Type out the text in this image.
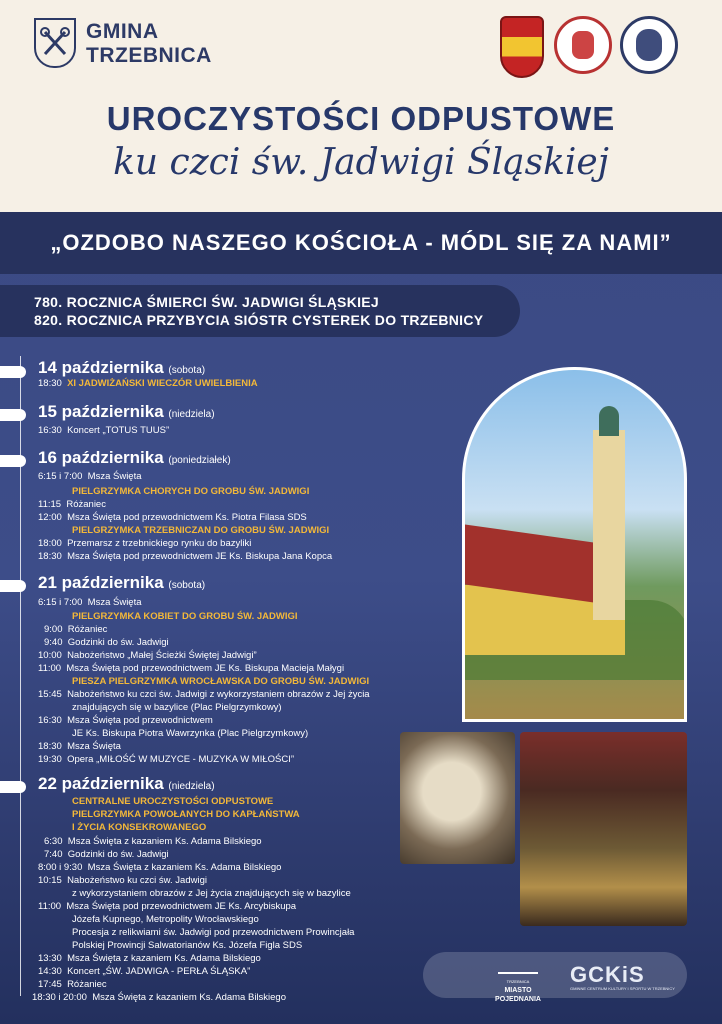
GMINA
TRZEBNICA
UROCZYSTOŚCI ODPUSTOWE
ku czci św. Jadwigi Śląskiej
„OZDOBO NASZEGO KOŚCIOŁA - MÓDL SIĘ ZA NAMI”
780. ROCZNICA ŚMIERCI ŚW. JADWIGI ŚLĄSKIEJ
820. ROCZNICA PRZYBYCIA SIÓSTR CYSTEREK DO TRZEBNICY
14 października (sobota)
18:30 XI JADWIŻAŃSKI WIECZÓR UWIELBIENIA
15 października (niedziela)
16:30 Koncert „TOTUS TUUS”
16 października (poniedziałek)
6:15 i 7:00 Msza Święta
PIELGRZYMKA CHORYCH DO GROBU ŚW. JADWIGI
11:15 Różaniec
12:00 Msza Święta pod przewodnictwem Ks. Piotra Filasa SDS
PIELGRZYMKA TRZEBNICZAN DO GROBU ŚW. JADWIGI
18:00 Przemarsz z trzebnickiego rynku do bazyliki
18:30 Msza Święta pod przewodnictwem JE Ks. Biskupa Jana Kopca
21 października (sobota)
6:15 i 7:00 Msza Święta
PIELGRZYMKA KOBIET DO GROBU ŚW. JADWIGI
9:00 Różaniec
9:40 Godzinki do św. Jadwigi
10:00 Nabożeństwo „Małej Ścieżki Świętej Jadwigi”
11:00 Msza Święta pod przewodnictwem JE Ks. Biskupa Macieja Małygi
PIESZA PIELGRZYMKA WROCŁAWSKA DO GROBU ŚW. JADWIGI
15:45 Nabożeństwo ku czci św. Jadwigi z wykorzystaniem obrazów z Jej życia
znajdujących się w bazylice (Plac Pielgrzymkowy)
16:30 Msza Święta pod przewodnictwem
JE Ks. Biskupa Piotra Wawrzynka (Plac Pielgrzymkowy)
18:30 Msza Święta
19:30 Opera „MIŁOŚĆ W MUZYCE - MUZYKA W MIŁOŚCI”
22 października (niedziela)
CENTRALNE UROCZYSTOŚCI ODPUSTOWE
PIELGRZYMKA POWOŁANYCH DO KAPŁAŃSTWA
I ŻYCIA KONSEKROWANEGO
6:30 Msza Święta z kazaniem Ks. Adama Bilskiego
7:40 Godzinki do św. Jadwigi
8:00 i 9:30 Msza Święta z kazaniem Ks. Adama Bilskiego
10:15 Nabożeństwo ku czci św. Jadwigi
z wykorzystaniem obrazów z Jej życia znajdujących się w bazylice
11:00 Msza Święta pod przewodnictwem JE Ks. Arcybiskupa
Józefa Kupnego, Metropolity Wrocławskiego
Procesja z relikwiami św. Jadwigi pod przewodnictwem Prowincjała
Polskiej Prowincji Salwatorianów Ks. Józefa Figla SDS
13:30 Msza Święta z kazaniem Ks. Adama Bilskiego
14:30 Koncert „ŚW. JADWIGA - PERŁA ŚLĄSKA”
17:45 Różaniec
18:30 i 20:00 Msza Święta z kazaniem Ks. Adama Bilskiego
TRZEBNICA
MIASTO POJEDNANIA
GCKiS
GMINNE CENTRUM KULTURY I SPORTU W TRZEBNICY
